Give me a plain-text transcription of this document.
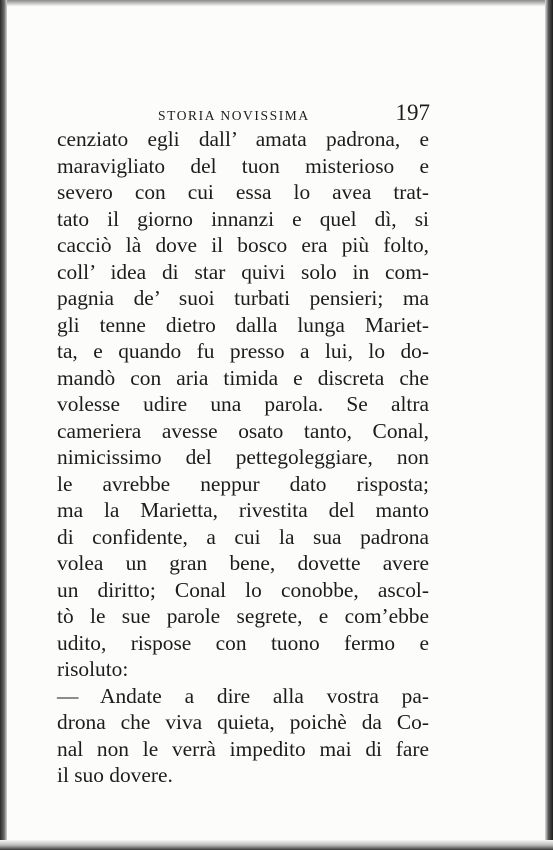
STORIA NOVISSIMA	197
cenziato egli dall’ amata padrona, e
maravigliato del tuon misterioso e
severo con cui essa lo avea trat-
tato il giorno innanzi e quel dì, si
cacciò là dove il bosco era più folto,
coll’ idea di star quivi solo in com-
pagnia de’ suoi turbati pensieri; ma
gli tenne dietro dalla lunga Mariet-
ta, e quando fu presso a lui, lo do-
mandò con aria timida e discreta che
volesse udire una parola. Se altra
cameriera avesse osato tanto, Conal,
nimicissimo del pettegoleggiare, non
le avrebbe neppur dato risposta;
ma la Marietta, rivestita del manto
di confidente, a cui la sua padrona
volea un gran bene, dovette avere
un diritto; Conal lo conobbe, ascol-
tò le sue parole segrete, e com’ebbe
udito, rispose con tuono fermo e
risoluto:
— Andate a dire alla vostra pa-
drona che viva quieta, poichè da Co-
nal non le verrà impedito mai di fare
il suo dovere.
